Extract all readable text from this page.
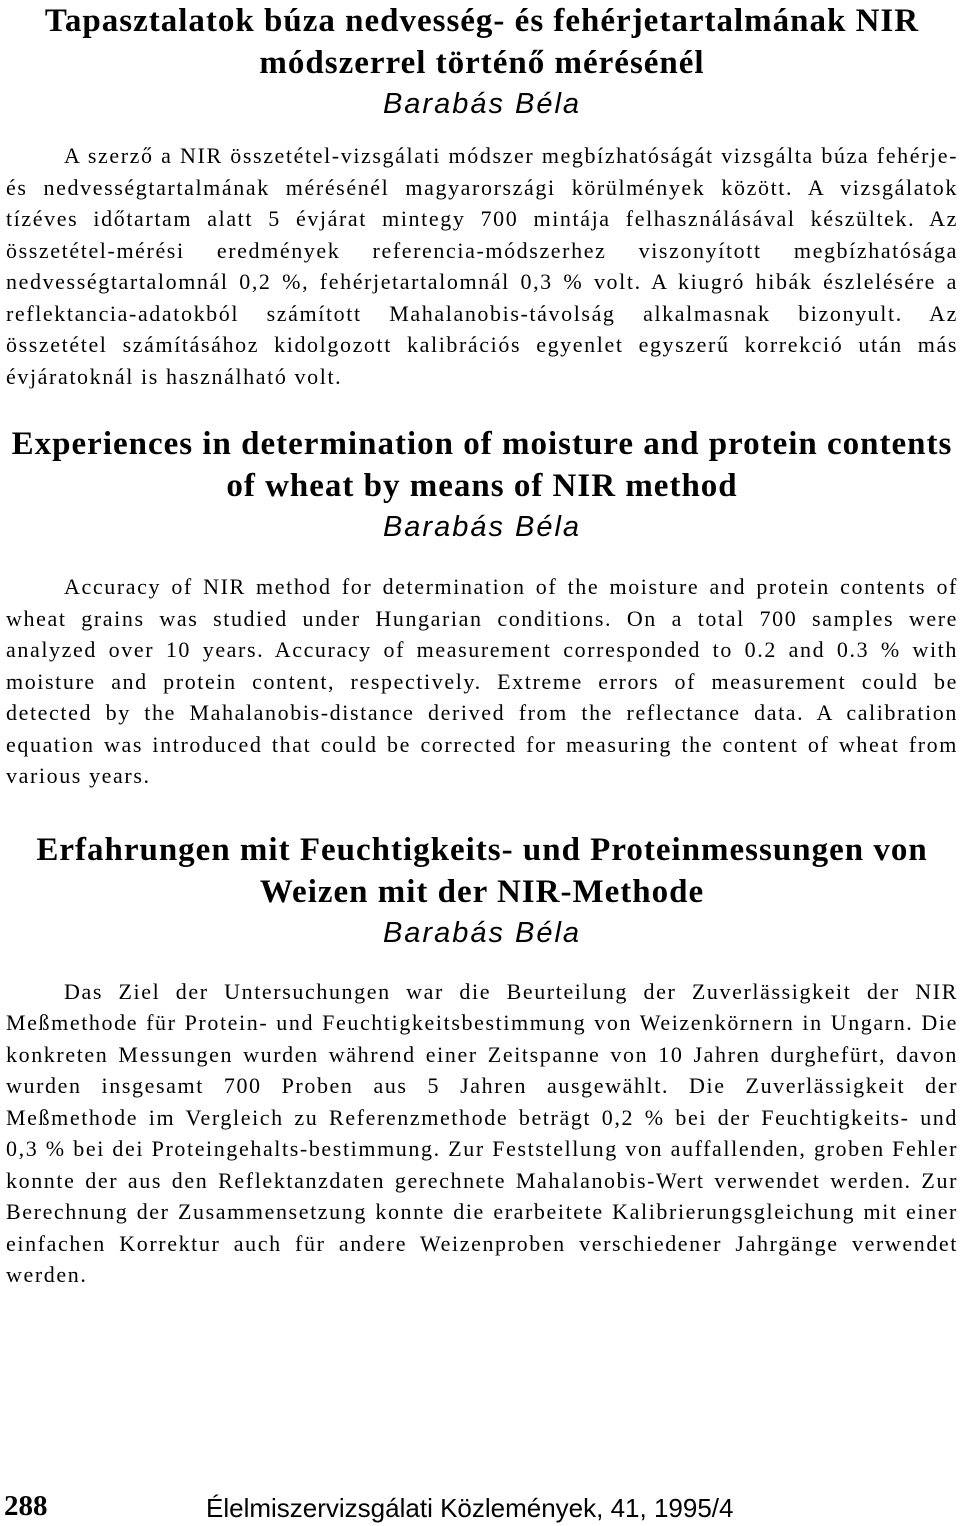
Tapasztalatok búza nedvesség- és fehérjetartalmának NIR módszerrel történő mérésénél

Barabás Béla

A szerző a NIR összetétel-vizsgálati módszer megbízhatóságát vizsgálta búza fehérje- és nedvességtartalmának mérésénél magyarországi körülmények között. A vizsgálatok tízéves időtartam alatt 5 évjárat mintegy 700 mintája felhasználásával készültek. Az összetétel-mérési eredmények referencia-módszerhez viszonyított megbízhatósága nedvességtartalomnál 0,2 %, fehérjetartalomnál 0,3 % volt. A kiugró hibák észlelésére a reflektancia-adatokból számított Mahalanobis-távolság alkalmasnak bizonyult. Az összetétel számításához kidolgozott kalibrációs egyenlet egyszerű korrekció után más évjáratoknál is használható volt.

Experiences in determination of moisture and protein contents of wheat by means of NIR method

Barabás Béla

Accuracy of NIR method for determination of the moisture and protein contents of wheat grains was studied under Hungarian conditions. On a total 700 samples were analyzed over 10 years. Accuracy of measurement corresponded to 0.2 and 0.3 % with moisture and protein content, respectively. Extreme errors of measurement could be detected by the Mahalanobis-distance derived from the reflectance data. A calibration equation was introduced that could be corrected for measuring the content of wheat from various years.

Erfahrungen mit Feuchtigkeits- und Proteinmessungen von Weizen mit der NIR-Methode

Barabás Béla

Das Ziel der Untersuchungen war die Beurteilung der Zuverlässigkeit der NIR Meßmethode für Protein- und Feuchtigkeitsbestimmung von Weizenkörnern in Ungarn. Die konkreten Messungen wurden während einer Zeitspanne von 10 Jahren durghefürt, davon wurden insgesamt 700 Proben aus 5 Jahren ausgewählt. Die Zuverlässigkeit der Meßmethode im Vergleich zu Referenzmethode beträgt 0,2 % bei der Feuchtigkeits- und 0,3 % bei dei Proteingehalts-bestimmung. Zur Feststellung von auffallenden, groben Fehler konnte der aus den Reflektanzdaten gerechnete Mahalanobis-Wert verwendet werden. Zur Berechnung der Zusammensetzung konnte die erarbeitete Kalibrierungsgleichung mit einer einfachen Korrektur auch für andere Weizenproben verschiedener Jahrgänge verwendet werden.

288	Élelmiszervizsgálati Közlemények, 41, 1995/4
